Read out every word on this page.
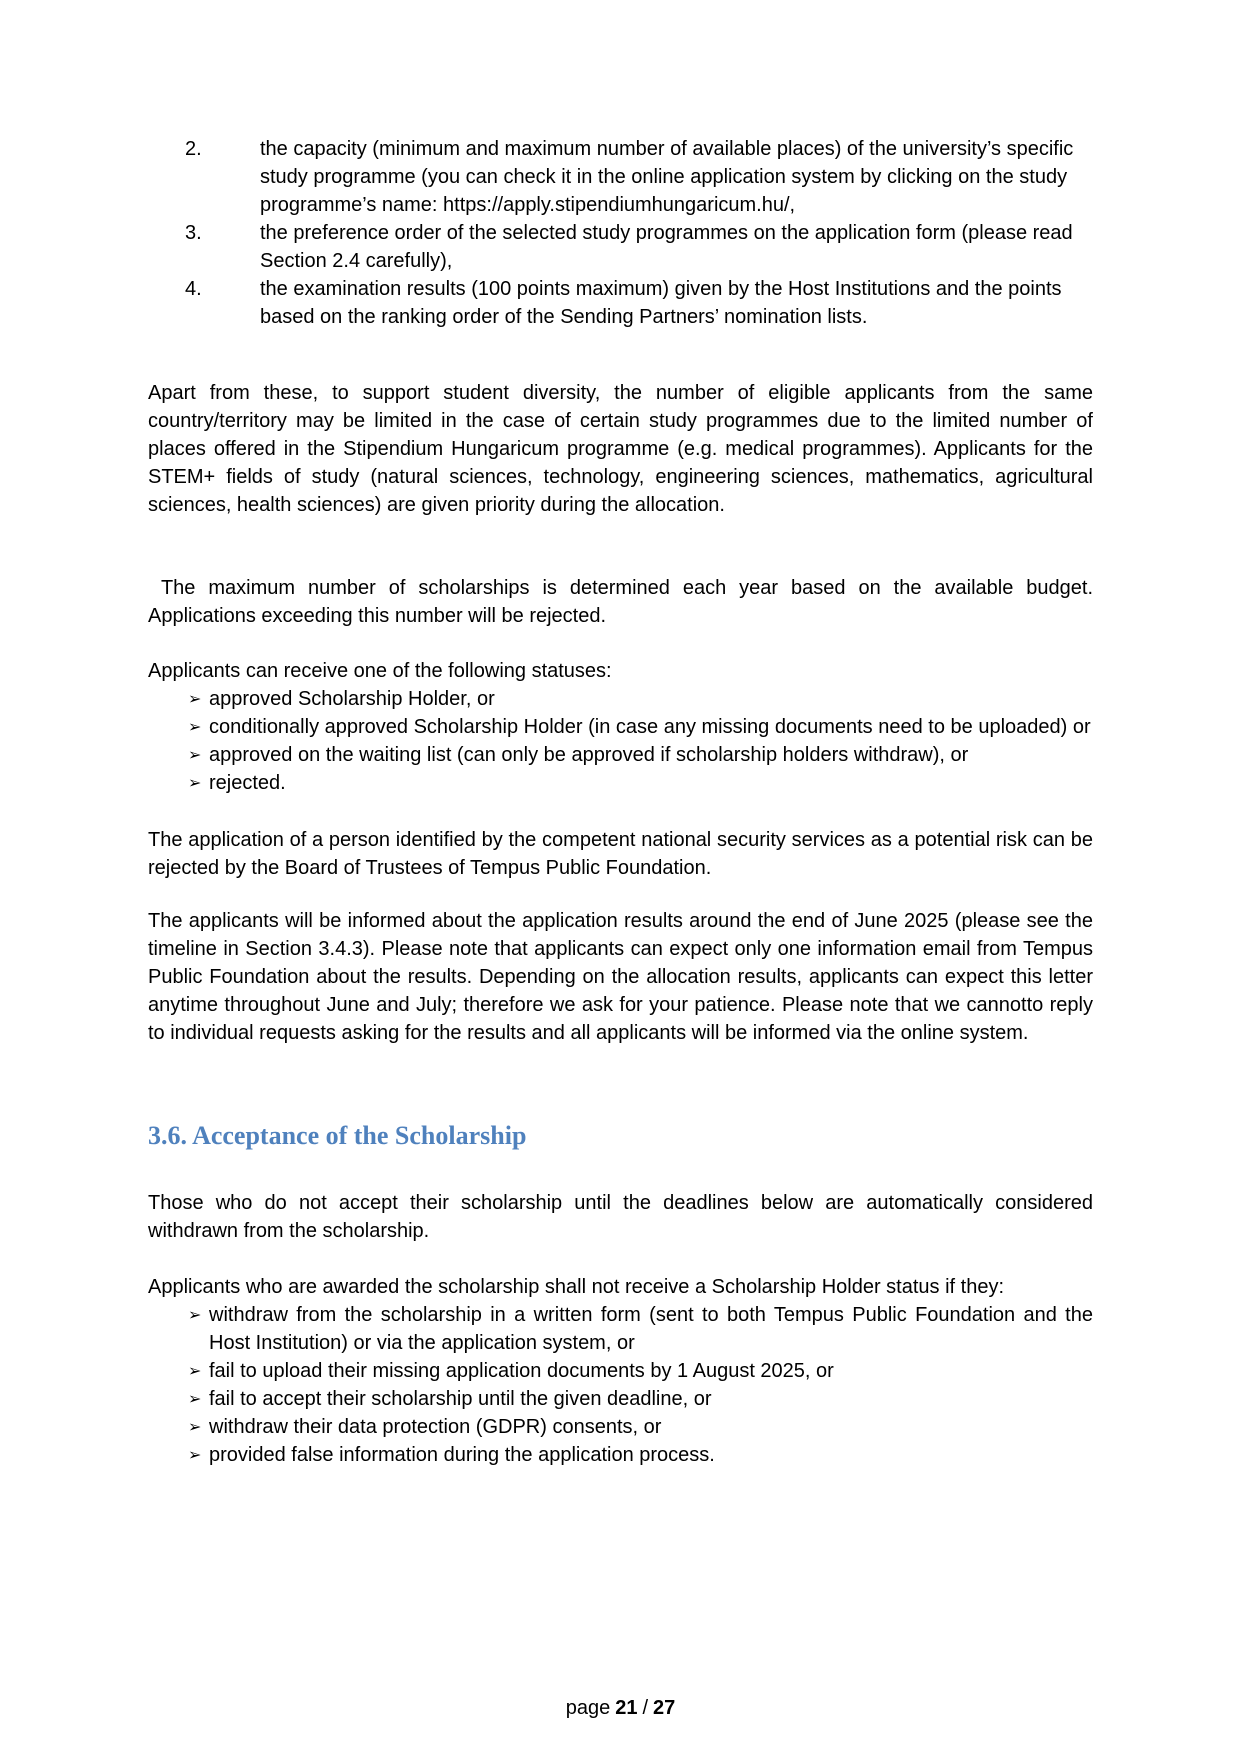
2.	the capacity (minimum and maximum number of available places) of the university’s specific study programme (you can check it in the online application system by clicking on the study programme’s name: https://apply.stipendiumhungaricum.hu/,
3.	the preference order of the selected study programmes on the application form (please read Section 2.4 carefully),
4.	the examination results (100 points maximum) given by the Host Institutions and the points based on the ranking order of the Sending Partners’ nomination lists.
Apart from these, to support student diversity, the number of eligible applicants from the same country/territory may be limited in the case of certain study programmes due to the limited number of places offered in the Stipendium Hungaricum programme (e.g. medical programmes). Applicants for the STEM+ fields of study (natural sciences, technology, engineering sciences, mathematics, agricultural sciences, health sciences) are given priority during the allocation.
The maximum number of scholarships is determined each year based on the available budget. Applications exceeding this number will be rejected.
Applicants can receive one of the following statuses:
➢ approved Scholarship Holder, or
➢ conditionally approved Scholarship Holder (in case any missing documents need to be uploaded) or
➢ approved on the waiting list (can only be approved if scholarship holders withdraw), or
➢ rejected.
The application of a person identified by the competent national security services as a potential risk can be rejected by the Board of Trustees of Tempus Public Foundation.
The applicants will be informed about the application results around the end of June 2025 (please see the timeline in Section 3.4.3). Please note that applicants can expect only one information email from Tempus Public Foundation about the results. Depending on the allocation results, applicants can expect this letter anytime throughout June and July; therefore we ask for your patience. Please note that we cannotto reply to individual requests asking for the results and all applicants will be informed via the online system.
3.6. Acceptance of the Scholarship
Those who do not accept their scholarship until the deadlines below are automatically considered withdrawn from the scholarship.
Applicants who are awarded the scholarship shall not receive a Scholarship Holder status if they:
➢ withdraw from the scholarship in a written form (sent to both Tempus Public Foundation and the Host Institution) or via the application system, or
➢ fail to upload their missing application documents by 1 August 2025, or
➢ fail to accept their scholarship until the given deadline, or
➢ withdraw their data protection (GDPR) consents, or
➢ provided false information during the application process.
page 21 / 27
